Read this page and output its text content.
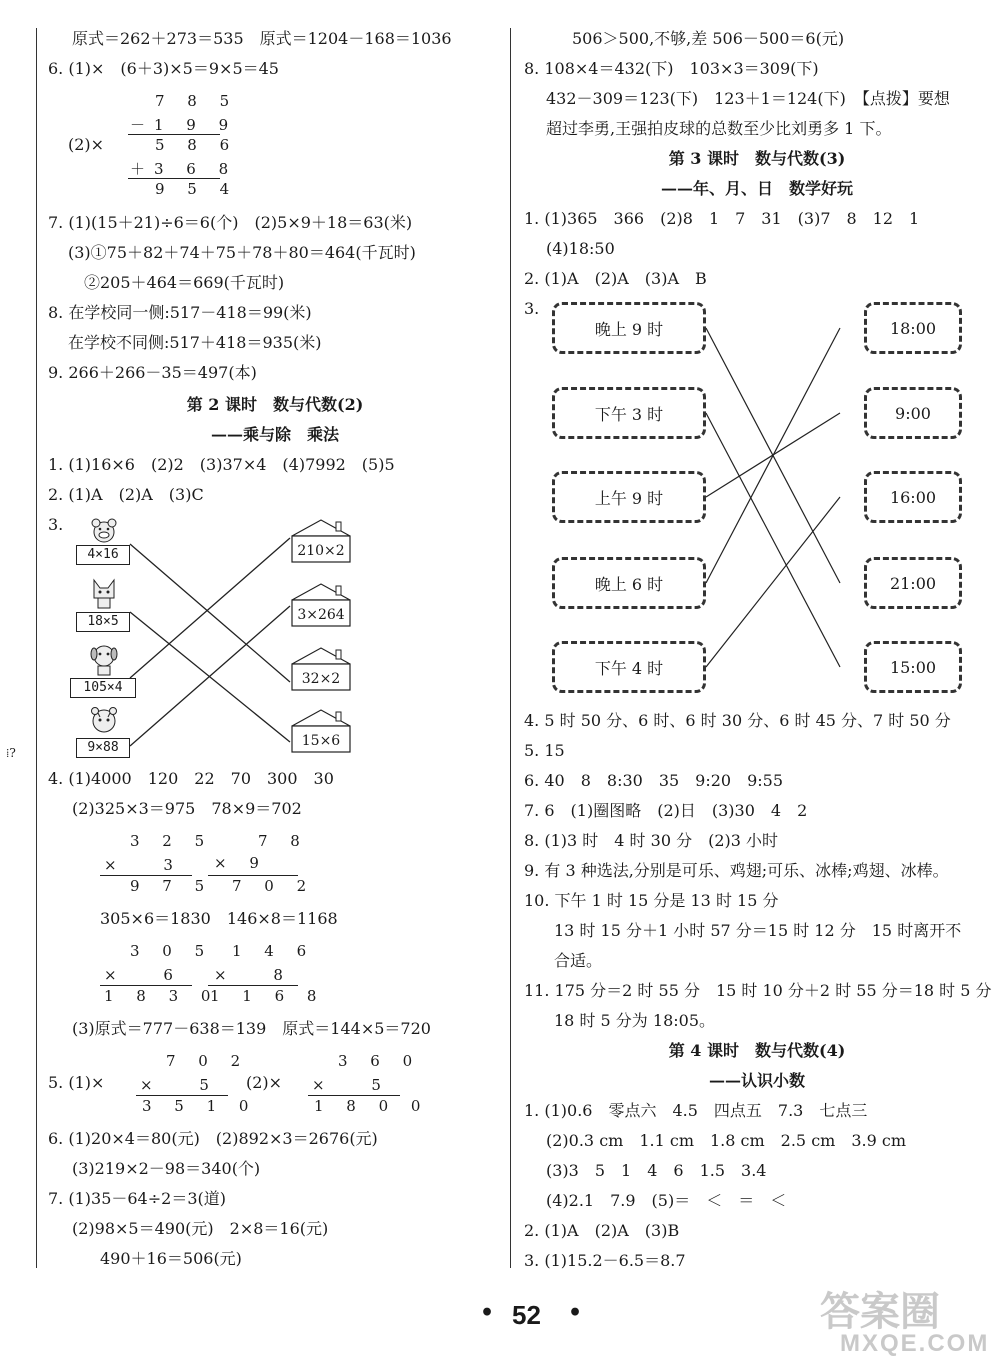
⁞?
原式＝262＋273＝535　原式＝1204－168＝1036
6. (1)×　(6＋3)×5＝9×5＝45
7 8 5
－1 9 9
(2)×	5 8 6
＋3 6 8
9 5 4
7. (1)(15＋21)÷6＝6(个)　(2)5×9＋18＝63(米)
(3)①75＋82＋74＋75＋78＋80＝464(千瓦时)
②205＋464＝669(千瓦时)
8. 在学校同一侧:517－418＝99(米)
在学校不同侧:517＋418＝935(米)
9. 266＋266－35＝497(本)
第 2 课时　数与代数(2)
——乘与除　乘法
1. (1)16×6　(2)2　(3)37×4　(4)7992　(5)5
2. (1)A　(2)A　(3)C
3.
4×16
18×5
105×4
9×88
210×2
3×264
32×2
15×6
4. (1)4000　120　22　70　300　30
(2)325×3＝975　78×9＝702
3 2 5
× 　3
9 7 5
7 8
× 9
7 0 2
305×6＝1830　146×8＝1168
3 0 5
× 　6
1 8 3 0
1 4 6
× 　8
1 1 6 8
(3)原式＝777－638＝139　原式＝144×5＝720
5. (1)×
7 0 2
× 　5
3 5 1 0
(2)×
3 6 0
× 　5
1 8 0 0
6. (1)20×4＝80(元)　(2)892×3＝2676(元)
(3)219×2－98＝340(个)
7. (1)35－64÷2＝3(道)
(2)98×5＝490(元)　2×8＝16(元)
490＋16＝506(元)
506＞500,不够,差 506－500＝6(元)
8. 108×4＝432(下)　103×3＝309(下)
432－309＝123(下)　123＋1＝124(下)　【点拨】要想
超过李勇,王强拍皮球的总数至少比刘勇多 1 下。
第 3 课时　数与代数(3)
——年、月、日　数学好玩
1. (1)365　366　(2)8　1　7　31　(3)7　8　12　1
(4)18:50
2. (1)A　(2)A　(3)A　B
3.
晚上 9 时
下午 3 时
上午 9 时
晚上 6 时
下午 4 时
18:00
9:00
16:00
21:00
15:00
4. 5 时 50 分、6 时、6 时 30 分、6 时 45 分、7 时 50 分
5. 15
6. 40　8　8:30　35　9:20　9:55
7. 6　(1)圈图略　(2)日　(3)30　4　2
8. (1)3 时　4 时 30 分　(2)3 小时
9. 有 3 种选法,分别是可乐、鸡翅;可乐、冰棒;鸡翅、冰棒。
10. 下午 1 时 15 分是 13 时 15 分
13 时 15 分＋1 小时 57 分＝15 时 12 分　15 时离开不
合适。
11. 175 分＝2 时 55 分　15 时 10 分＋2 时 55 分＝18 时 5 分
18 时 5 分为 18:05。
第 4 课时　数与代数(4)
——认识小数
1. (1)0.6　零点六　4.5　四点五　7.3　七点三
(2)0.3 cm　1.1 cm　1.8 cm　2.5 cm　3.9 cm
(3)3　5　1　4　6　1.5　3.4
(4)2.1　7.9　(5)＝　＜　＝　＜
2. (1)A　(2)A　(3)B
3. (1)15.2－6.5＝8.7
• 52 •	答案圈
MXQE.COM
